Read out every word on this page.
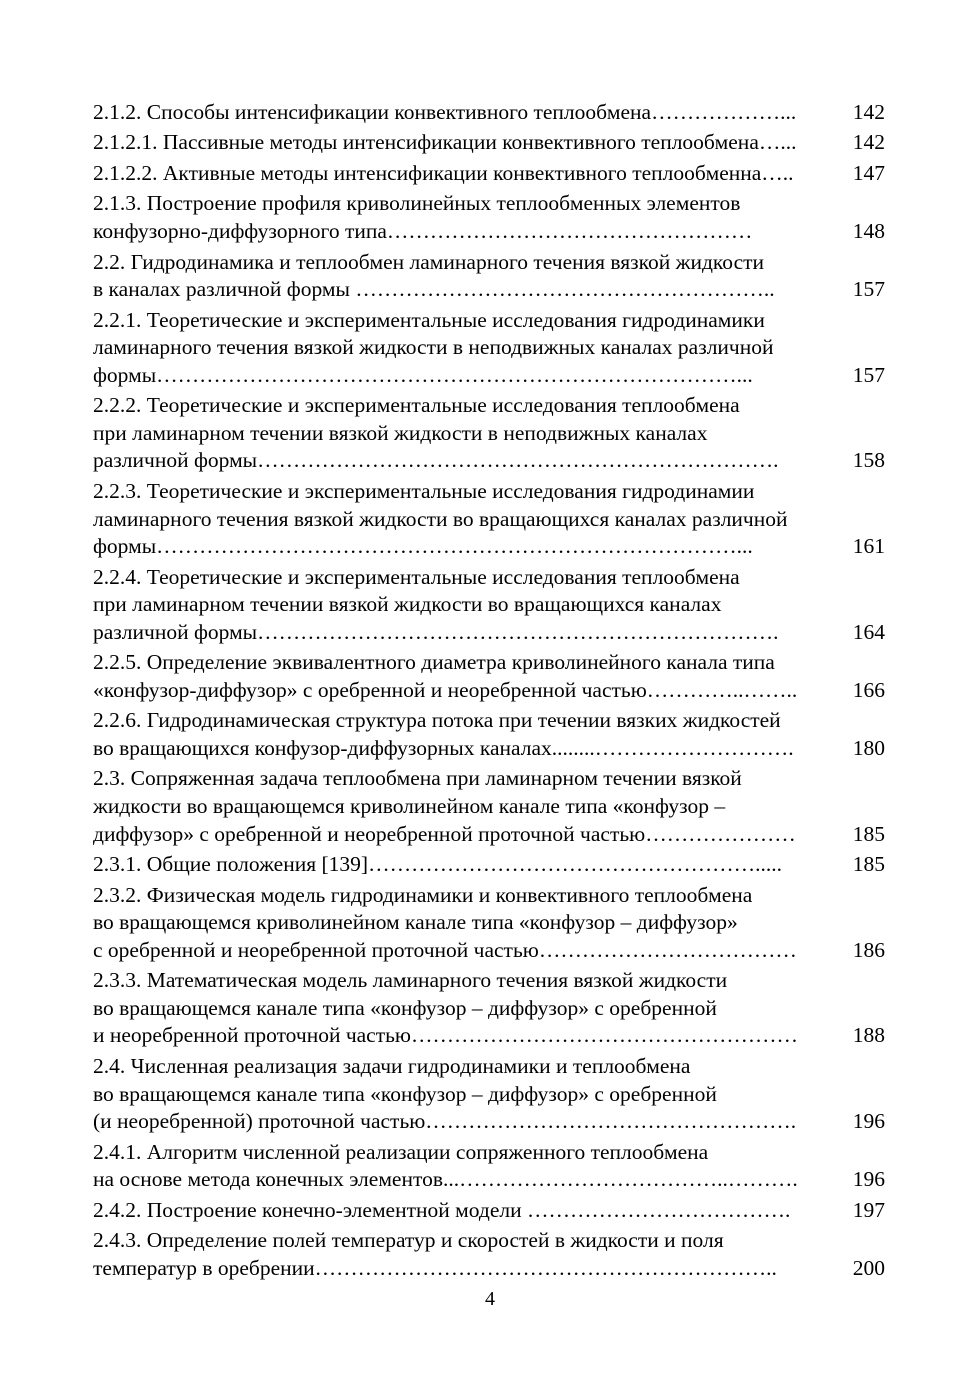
2.1.2. Способы интенсификации конвективного теплообмена………………...	142
2.1.2.1. Пассивные методы интенсификации конвективного теплообмена…...	142
2.1.2.2. Активные методы интенсификации конвективного теплообменна…..	147
2.1.3. Построение профиля криволинейных теплообменных элементов
конфузорно-диффузорного типа……………………………………………	148
2.2. Гидродинамика и теплообмен ламинарного течения вязкой жидкости
в каналах различной формы …………………………………………………..	157
2.2.1. Теоретические и экспериментальные исследования гидродинамики
ламинарного течения вязкой жидкости в неподвижных каналах различной
формы………………………………………………………………………...	157
2.2.2. Теоретические и экспериментальные исследования теплообмена
при ламинарном течении вязкой жидкости в неподвижных каналах
различной формы……………………………………………………………….	158
2.2.3. Теоретические и экспериментальные исследования гидродинамии
ламинарного течения вязкой жидкости во вращающихся каналах различной
формы………………………………………………………………………...	161
2.2.4. Теоретические и экспериментальные исследования теплообмена
при ламинарном течении вязкой жидкости во вращающихся каналах
различной формы……………………………………………………………….	164
2.2.5. Определение эквивалентного диаметра криволинейного канала типа
«конфузор-диффузор» с оребренной и неоребренной частью…………..……..	166
2.2.6. Гидродинамическая структура потока при течении вязких жидкостей
во вращающихся конфузор-диффузорных каналах........……………………….	180
2.3. Сопряженная задача теплообмена при ламинарном течении вязкой
жидкости во вращающемся криволинейном канале типа «конфузор –
диффузор» с оребренной и неоребренной проточной частью…………………	185
2.3.1. Общие положения [139]……………………………………………….....	185
2.3.2. Физическая модель гидродинамики и конвективного теплообмена
во вращающемся криволинейном канале типа «конфузор – диффузор»
с оребренной и неоребренной проточной частью………………………………	186
2.3.3. Математическая модель ламинарного течения вязкой жидкости
во вращающемся канале типа «конфузор – диффузор» с оребренной
и неоребренной проточной частью………………………………………………	188
2.4. Численная реализация задачи гидродинамики и теплообмена
во вращающемся канале типа «конфузор – диффузор» с оребренной
(и неоребренной) проточной частью…………………………………………….	196
2.4.1. Алгоритм численной реализации сопряженного теплообмена
на основе метода конечных элементов...………………………………..……….	196
2.4.2. Построение конечно-элементной модели ……………………………….	197
2.4.3. Определение полей температур и скоростей в жидкости и поля
температур в оребрении………………………………………………………..	200
4
